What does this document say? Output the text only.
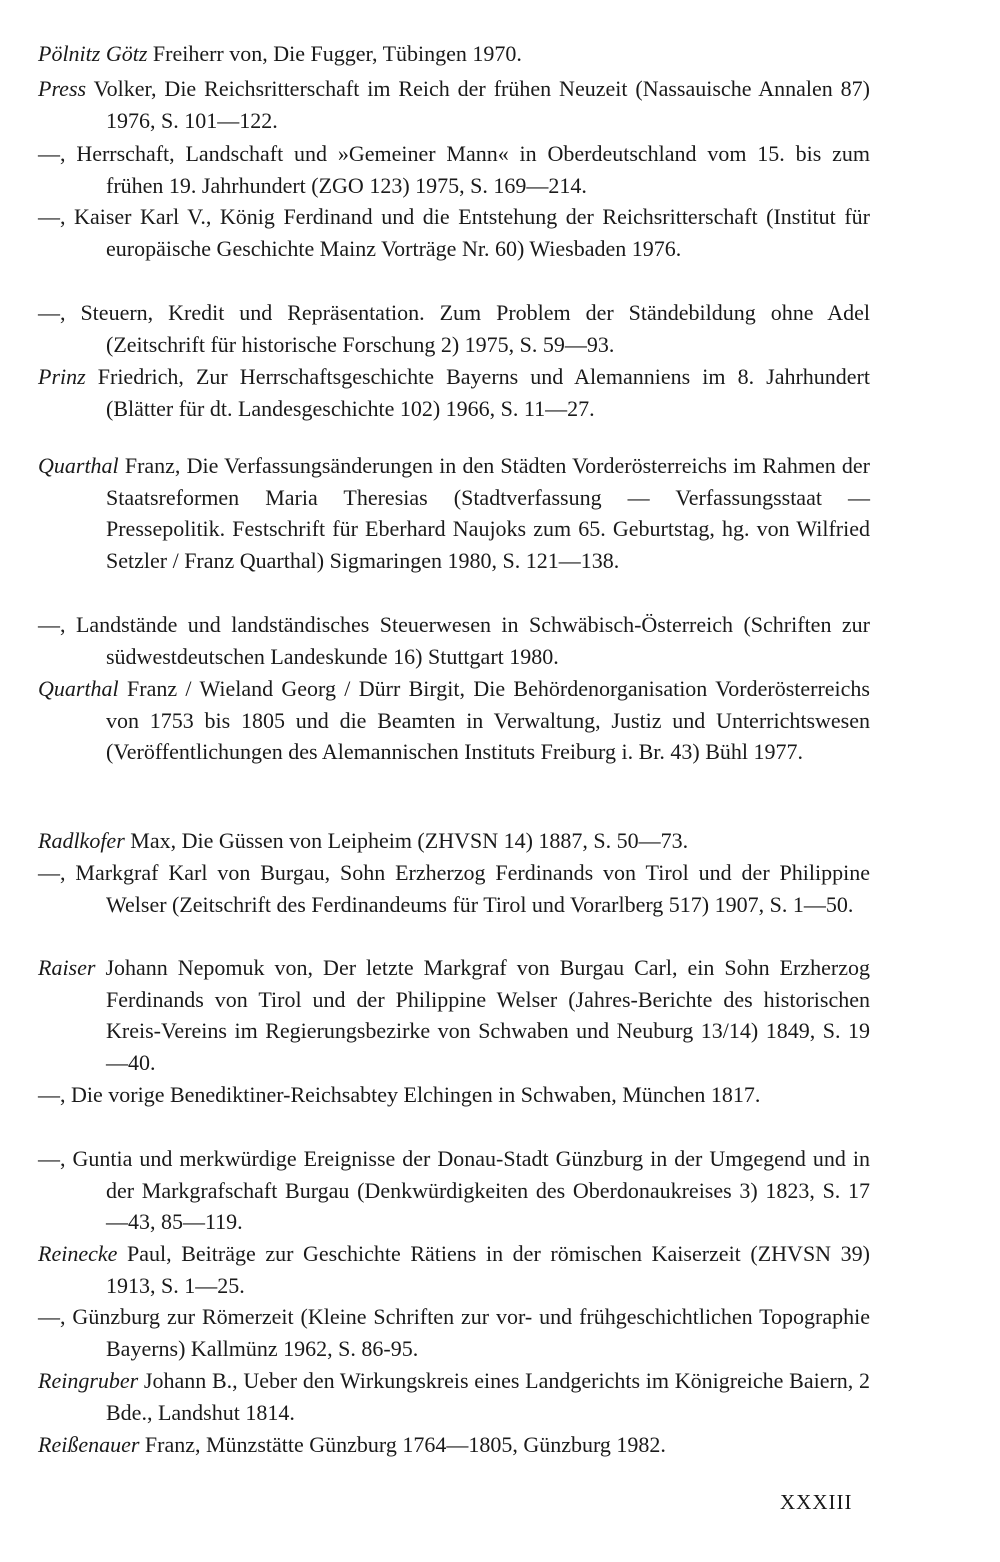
Pölnitz Götz Freiherr von, Die Fugger, Tübingen 1970.

Press Volker, Die Reichsritterschaft im Reich der frühen Neuzeit (Nassauische Annalen 87) 1976, S. 101—122.

—, Herrschaft, Landschaft und »Gemeiner Mann« in Oberdeutschland vom 15. bis zum frühen 19. Jahrhundert (ZGO 123) 1975, S. 169—214.

—, Kaiser Karl V., König Ferdinand und die Entstehung der Reichsritterschaft (Institut für europäische Geschichte Mainz Vorträge Nr. 60) Wiesbaden 1976.

—, Steuern, Kredit und Repräsentation. Zum Problem der Ständebildung ohne Adel (Zeitschrift für historische Forschung 2) 1975, S. 59—93.

Prinz Friedrich, Zur Herrschaftsgeschichte Bayerns und Alemanniens im 8. Jahrhundert (Blätter für dt. Landesgeschichte 102) 1966, S. 11—27.

Quarthal Franz, Die Verfassungsänderungen in den Städten Vorderösterreichs im Rahmen der Staatsreformen Maria Theresias (Stadtverfassung — Verfassungsstaat — Pressepolitik. Festschrift für Eberhard Naujoks zum 65. Geburtstag, hg. von Wilfried Setzler / Franz Quarthal) Sigmaringen 1980, S. 121—138.

—, Landstände und landständisches Steuerwesen in Schwäbisch-Österreich (Schriften zur südwestdeutschen Landeskunde 16) Stuttgart 1980.

Quarthal Franz / Wieland Georg / Dürr Birgit, Die Behördenorganisation Vorderösterreichs von 1753 bis 1805 und die Beamten in Verwaltung, Justiz und Unterrichtswesen (Veröffentlichungen des Alemannischen Instituts Freiburg i. Br. 43) Bühl 1977.

Radlkofer Max, Die Güssen von Leipheim (ZHVSN 14) 1887, S. 50—73.

—, Markgraf Karl von Burgau, Sohn Erzherzog Ferdinands von Tirol und der Philippine Welser (Zeitschrift des Ferdinandeums für Tirol und Vorarlberg 517) 1907, S. 1—50.

Raiser Johann Nepomuk von, Der letzte Markgraf von Burgau Carl, ein Sohn Erzherzog Ferdinands von Tirol und der Philippine Welser (Jahres-Berichte des historischen Kreis-Vereins im Regierungsbezirke von Schwaben und Neuburg 13/14) 1849, S. 19—40.

—, Die vorige Benediktiner-Reichsabtey Elchingen in Schwaben, München 1817.

—, Guntia und merkwürdige Ereignisse der Donau-Stadt Günzburg in der Umgegend und in der Markgrafschaft Burgau (Denkwürdigkeiten des Oberdonaukreises 3) 1823, S. 17—43, 85—119.

Reinecke Paul, Beiträge zur Geschichte Rätiens in der römischen Kaiserzeit (ZHVSN 39) 1913, S. 1—25.

—, Günzburg zur Römerzeit (Kleine Schriften zur vor- und frühgeschichtlichen Topographie Bayerns) Kallmünz 1962, S. 86-95.

Reingruber Johann B., Ueber den Wirkungskreis eines Landgerichts im Königreiche Baiern, 2 Bde., Landshut 1814.

Reißenauer Franz, Münzstätte Günzburg 1764—1805, Günzburg 1982.

XXXIII
